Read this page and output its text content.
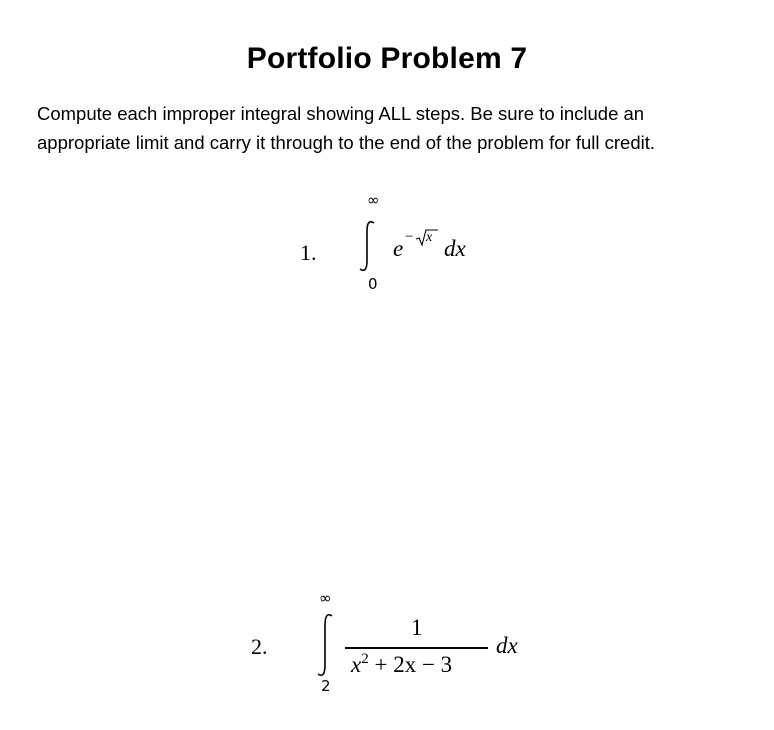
Portfolio Problem 7
Compute each improper integral showing ALL steps. Be sure to include an appropriate limit and carry it through to the end of the problem for full credit.
1.
∞
0
e − x dx
2.
∞
2
1
$x^2 + 2x - 3$
dx
